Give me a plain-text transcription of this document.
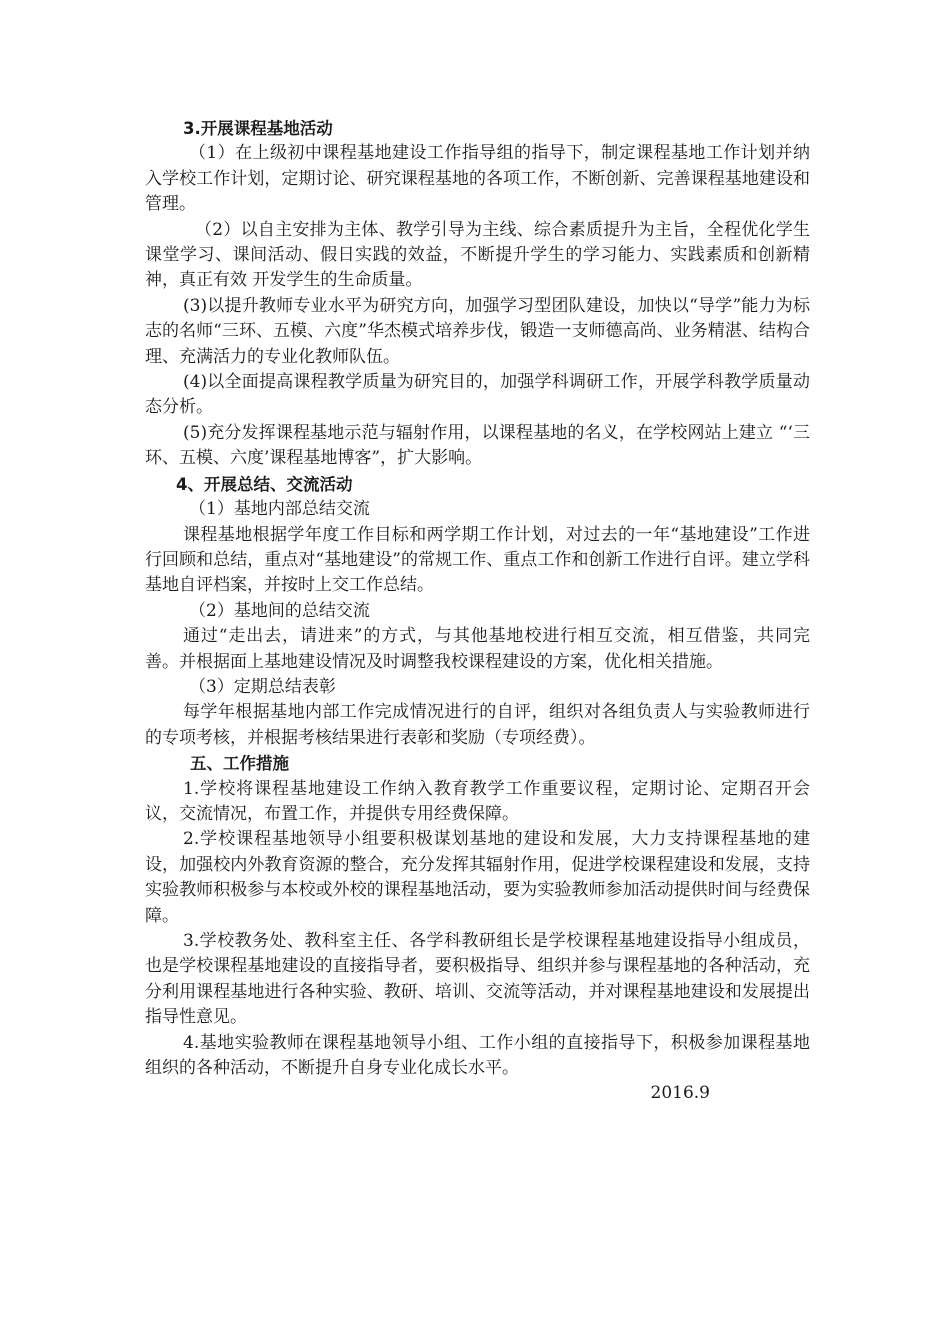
3.开展课程基地活动

（1）在上级初中课程基地建设工作指导组的指导下，制定课程基地工作计划并纳入学校工作计划，定期讨论、研究课程基地的各项工作，不断创新、完善课程基地建设和管理。

（2）以自主安排为主体、教学引导为主线、综合素质提升为主旨，全程优化学生课堂学习、课间活动、假日实践的效益，不断提升学生的学习能力、实践素质和创新精神，真正有效 开发学生的生命质量。

(3)以提升教师专业水平为研究方向，加强学习型团队建设，加快以“导学”能力为标志的名师“三环、五模、六度”华杰模式培养步伐，锻造一支师德高尚、业务精湛、结构合理、充满活力的专业化教师队伍。

(4)以全面提高课程教学质量为研究目的，加强学科调研工作，开展学科教学质量动态分析。

(5)充分发挥课程基地示范与辐射作用，以课程基地的名义，在学校网站上建立 “‘三环、五模、六度’课程基地博客”，扩大影响。

4、开展总结、交流活动
（1）基地内部总结交流

课程基地根据学年度工作目标和两学期工作计划，对过去的一年“基地建设”工作进行回顾和总结，重点对“基地建设”的常规工作、重点工作和创新工作进行自评。建立学科基地自评档案，并按时上交工作总结。

（2）基地间的总结交流

通过“走出去，请进来”的方式，与其他基地校进行相互交流，相互借鉴，共同完善。并根据面上基地建设情况及时调整我校课程建设的方案，优化相关措施。

（3）定期总结表彰

每学年根据基地内部工作完成情况进行的自评，组织对各组负责人与实验教师进行的专项考核，并根据考核结果进行表彰和奖励（专项经费）。

五、工作措施

1.学校将课程基地建设工作纳入教育教学工作重要议程，定期讨论、定期召开会议，交流情况，布置工作，并提供专用经费保障。

2.学校课程基地领导小组要积极谋划基地的建设和发展，大力支持课程基地的建设，加强校内外教育资源的整合，充分发挥其辐射作用，促进学校课程建设和发展，支持实验教师积极参与本校或外校的课程基地活动，要为实验教师参加活动提供时间与经费保障。

3.学校教务处、教科室主任、各学科教研组长是学校课程基地建设指导小组成员，也是学校课程基地建设的直接指导者，要积极指导、组织并参与课程基地的各种活动，充分利用课程基地进行各种实验、教研、培训、交流等活动，并对课程基地建设和发展提出指导性意见。

4.基地实验教师在课程基地领导小组、工作小组的直接指导下，积极参加课程基地组织的各种活动，不断提升自身专业化成长水平。

2016.9
